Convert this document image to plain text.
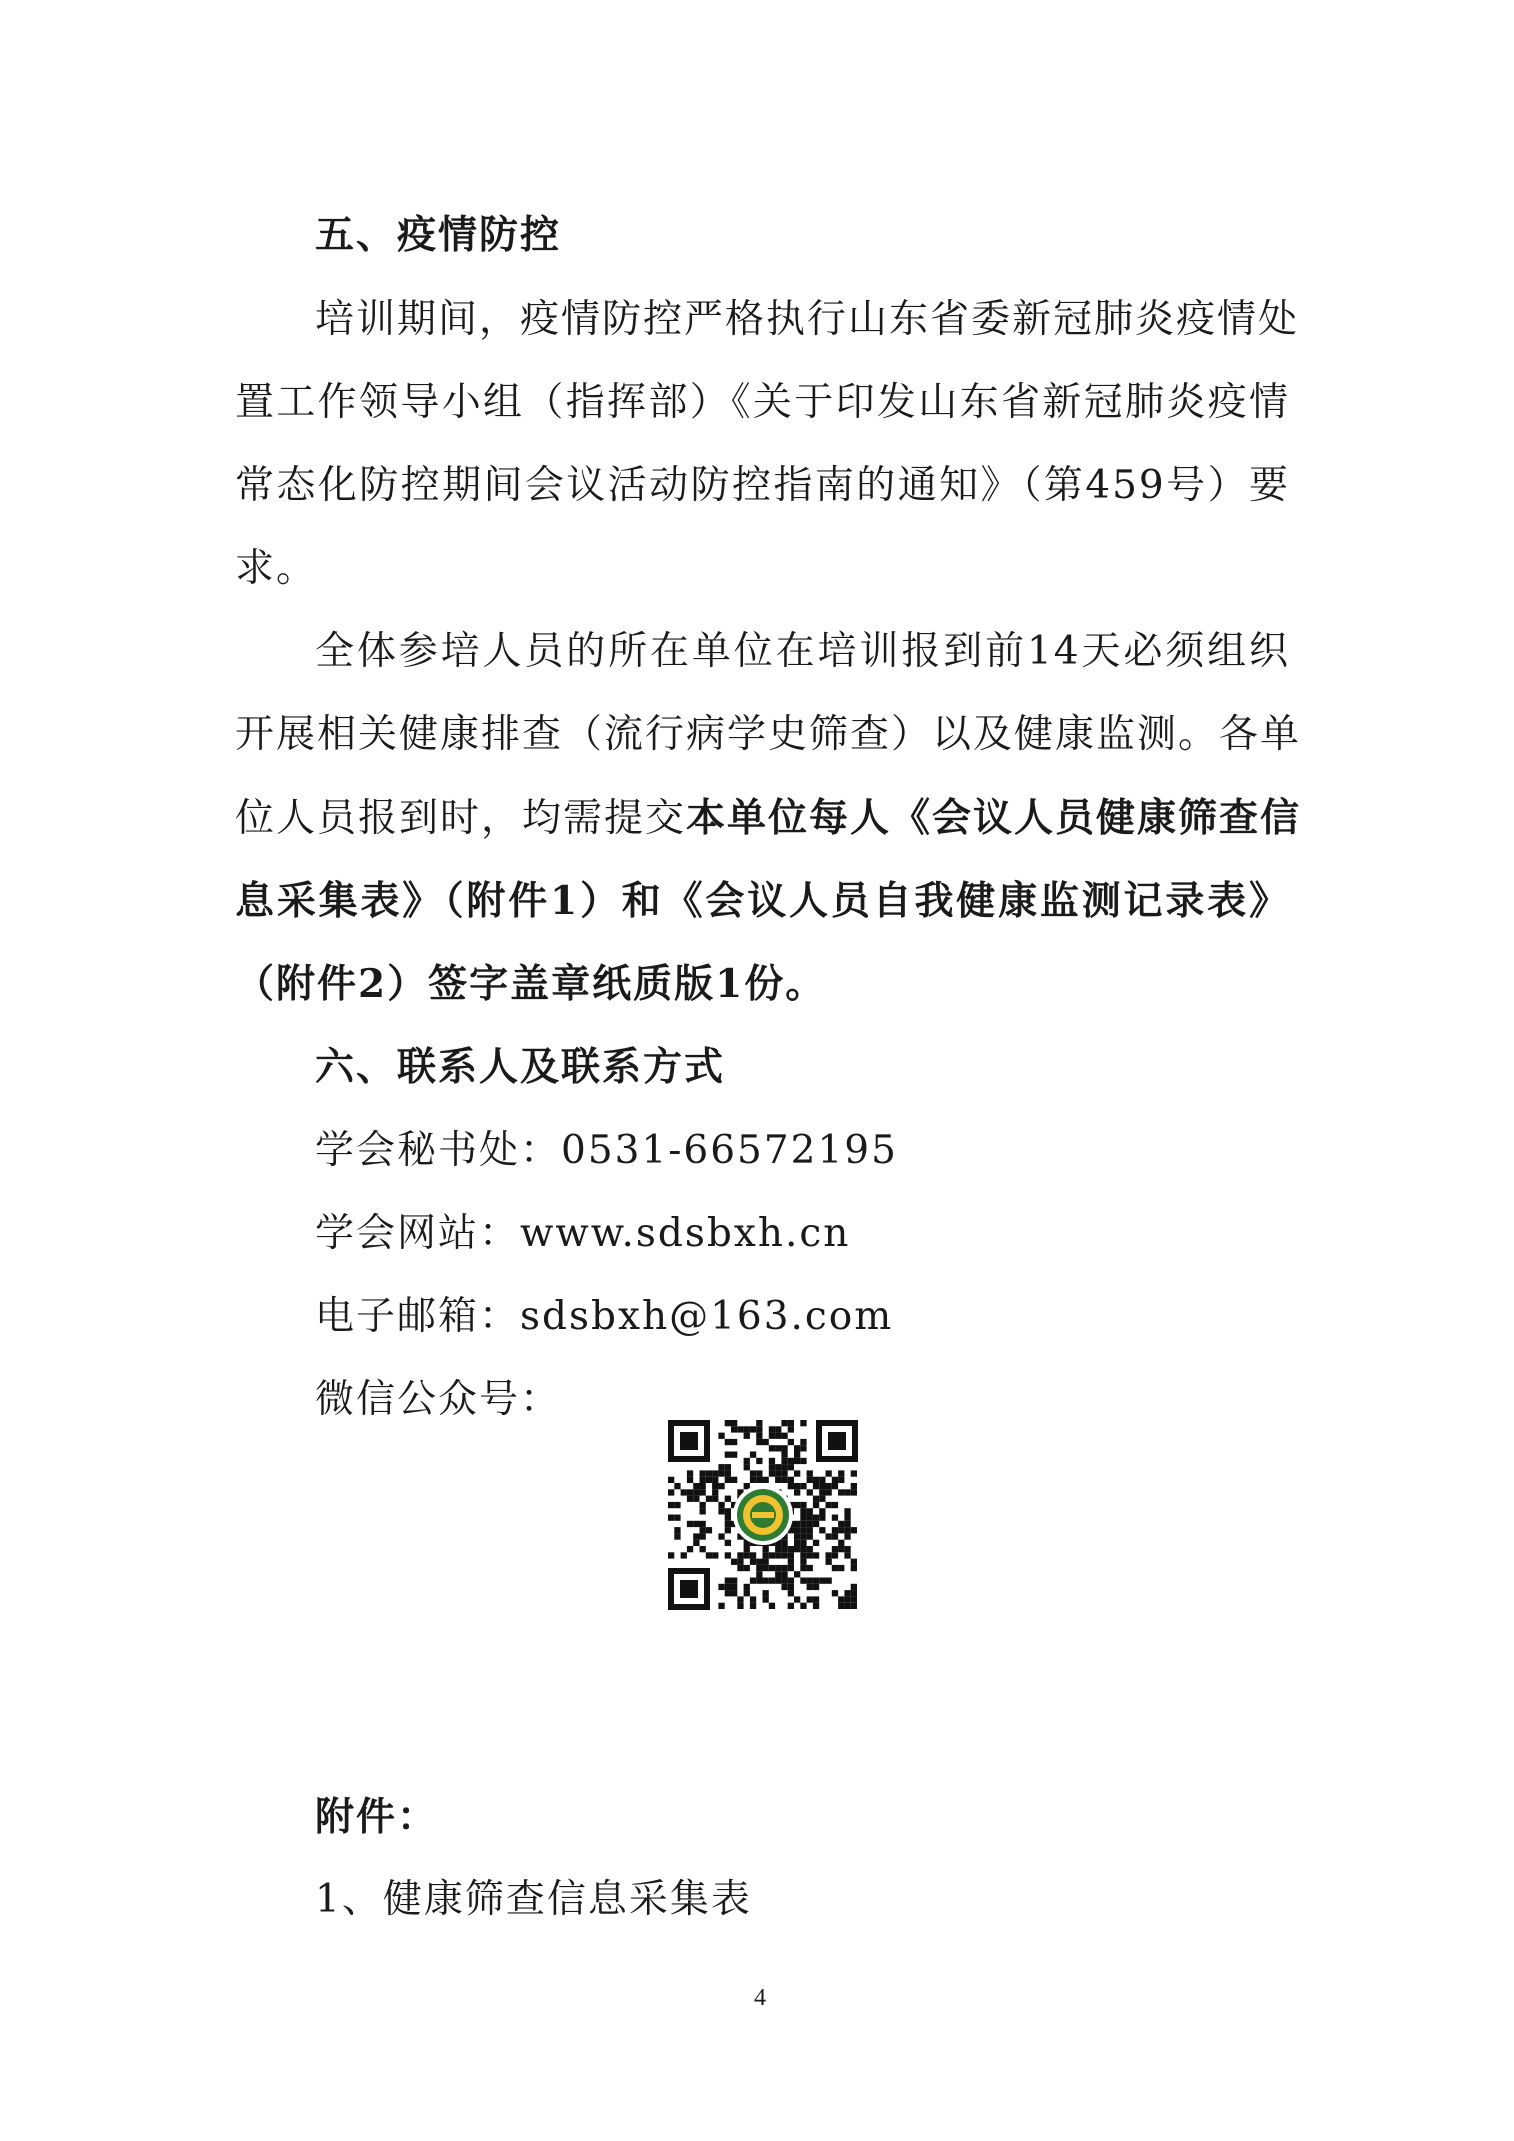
五、疫情防控
培训期间，疫情防控严格执行山东省委新冠肺炎疫情处
置工作领导小组（指挥部）《关于印发山东省新冠肺炎疫情
常态化防控期间会议活动防控指南的通知》（第459号）要
求。
全体参培人员的所在单位在培训报到前14天必须组织
开展相关健康排查（流行病学史筛查）以及健康监测。各单
位人员报到时，均需提交本单位每人《会议人员健康筛查信
息采集表》（附件1）和《会议人员自我健康监测记录表》
（附件2）签字盖章纸质版1份。
六、联系人及联系方式
学会秘书处：0531-66572195
学会网站：www.sdsbxh.cn
电子邮箱：sdsbxh@163.com
微信公众号：
附件：
1、健康筛查信息采集表
4
